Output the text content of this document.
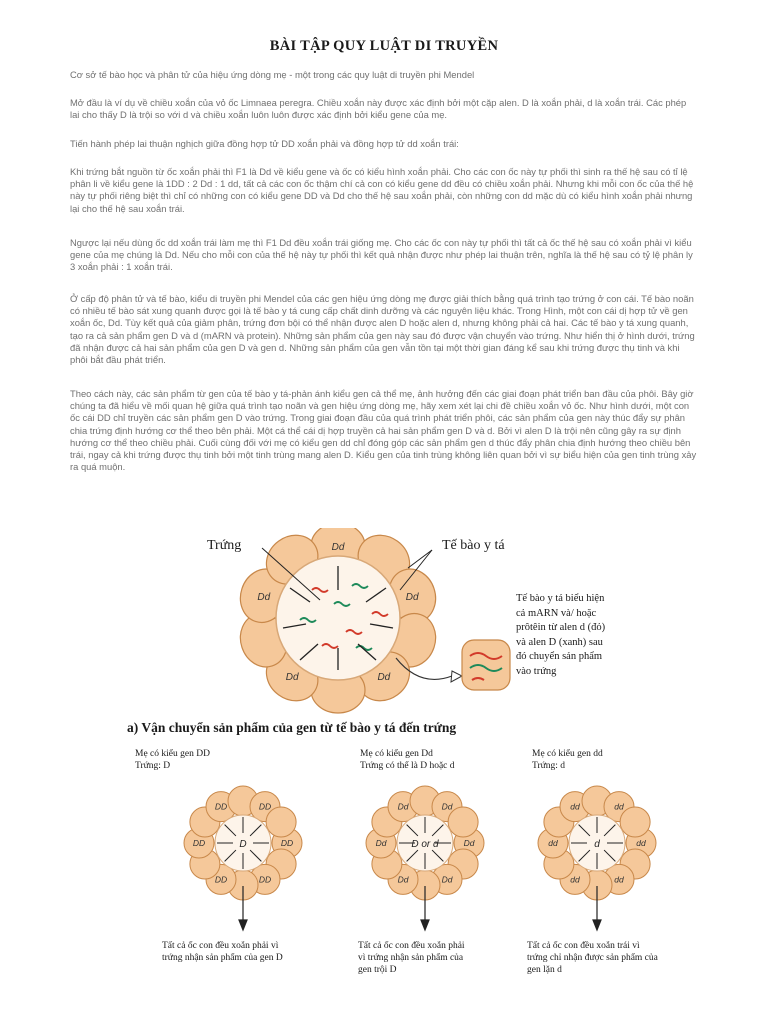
BÀI TẬP QUY LUẬT DI TRUYỀN

Cơ sở tế bào học và phân tử của hiệu ứng dòng mẹ - một trong các quy luật di truyền phi Mendel

Mở đầu là ví dụ về chiều xoắn của vỏ ốc Limnaea peregra. Chiều xoắn này được xác định bởi một cặp alen. D là xoắn phải, d là xoắn trái. Các phép lai cho thấy D là trội so với d và chiều xoắn luôn luôn được xác định bởi kiểu gene của mẹ.

Tiến hành phép lai thuận nghịch giữa đồng hợp tử DD xoắn phải và đồng hợp tử dd xoắn trái:

Khi trứng bắt nguồn từ ốc xoắn phải thì F1 là Dd về kiểu gene và ốc có kiểu hình xoắn phải. Cho các con ốc này tự phối thì sinh ra thế hệ sau có tỉ lệ phân li về kiểu gene là 1DD : 2 Dd : 1 dd, tất cả các con ốc thậm chí cả con có kiểu gene dd đều có chiều xoắn phải. Nhưng khi mỗi con ốc của thế hệ này tự phối riêng biệt thì chỉ có những con có kiểu gene DD và Dd cho thế hệ sau xoắn phải, còn những con dd mặc dù có kiểu hình xoắn phải nhưng lại cho thế hệ sau xoắn trái.

Ngược lại nếu dùng ốc dd xoắn trái làm mẹ thì F1 Dd đều xoắn trái giống mẹ. Cho các ốc con này tự phối thì tất cả ốc thế hệ sau có xoắn phải vì kiểu gene của mẹ chúng là Dd. Nếu cho mỗi con của thế hệ này tự phối thì kết quả nhận được như phép lai thuận trên, nghĩa là thế hệ sau có tỷ lệ phân ly 3 xoắn phải : 1 xoắn trái.

Ở cấp độ phân tử và tế bào, kiểu di truyền phi Mendel của các gen hiệu ứng dòng mẹ được giải thích bằng quá trình tạo trứng ở con cái. Tế bào noãn có nhiều tế bào sát xung quanh được gọi là tế bào y tá cung cấp chất dinh dưỡng và các nguyên liệu khác. Trong Hình, một con cái dị hợp tử về gen xoắn ốc, Dd. Tùy kết quả của giảm phân, trứng đơn bội có thể nhận được alen D hoặc alen d, nhưng không phải cả hai. Các tế bào y tá xung quanh, tạo ra cả sản phẩm gen D và d (mARN và protein). Những sản phẩm của gen này sau đó được vận chuyển vào trứng. Như hiển thị ở hình dưới, trứng đã nhận được cả hai sản phẩm của gen D và gen d. Những sản phẩm của gen vẫn tồn tại một thời gian đáng kể sau khi trứng được thụ tinh và khi phôi bắt đầu phát triển.

Theo cách này, các sản phẩm từ gen của tế bào y tá-phản ánh kiểu gen cả thể mẹ, ảnh hưởng đến các giai đoạn phát triển ban đầu của phôi. Bây giờ chúng ta đã hiểu về mối quan hệ giữa quá trình tạo noãn và gen hiệu ứng dòng mẹ, hãy xem xét lại chi đề chiều xoắn vỏ ốc. Như hình dưới, một con ốc cái DD chỉ truyền các sản phẩm gen D vào trứng. Trong giai đoạn đầu của quá trình phát triển phôi, các sản phẩm của gen này thúc đẩy sự phân chia trứng định hướng cơ thể theo bên phải. Một cá thể cái dị hợp truyền cả hai sản phẩm gen D và d. Bởi vì alen D là trội nên cũng gây ra sự định hướng cơ thể theo chiều phải. Cuối cùng đối với mẹ có kiểu gen dd chỉ đóng góp các sản phẩm gen d thúc đẩy phân chia định hướng theo chiều bên trái, ngay cả khi trứng được thụ tinh bởi một tinh trùng mang alen D. Kiểu gen của tinh trùng không liên quan bởi vì sự biểu hiện của gen tinh trùng xảy ra quá muộn.

Dd
Dd
Dd
Dd
Dd
DD
DD
DD
DD
DD	DD
D	Dd
Dd
Dd
Dd
Dd	Dd
D or d	dd
dd
dd
dd
dd	dd
d
Trứng	Tế bào y tá
Tế bào y tá biểu hiện
cả mARN và/ hoặc
prôtêin từ alen d (đỏ)
và alen D (xanh) sau
đó chuyển sản phẩm
vào trứng
a) Vận chuyển sản phẩm của gen từ tế bào y tá đến trứng
Mẹ có kiểu gen DD
Trứng: D
Mẹ có kiểu gen Dd
Trứng có thể là D hoặc d
Mẹ có kiểu gen dd
Trứng: d
Tất cả ốc con đều xoắn phải vì
trứng nhận sản phẩm của gen D
Tất cả ốc con đều xoắn phải
vì trứng nhận sản phẩm của
gen trội D
Tất cả ốc con đều xoắn trái vì
trứng chỉ nhận được sản phẩm của
gen lặn d
